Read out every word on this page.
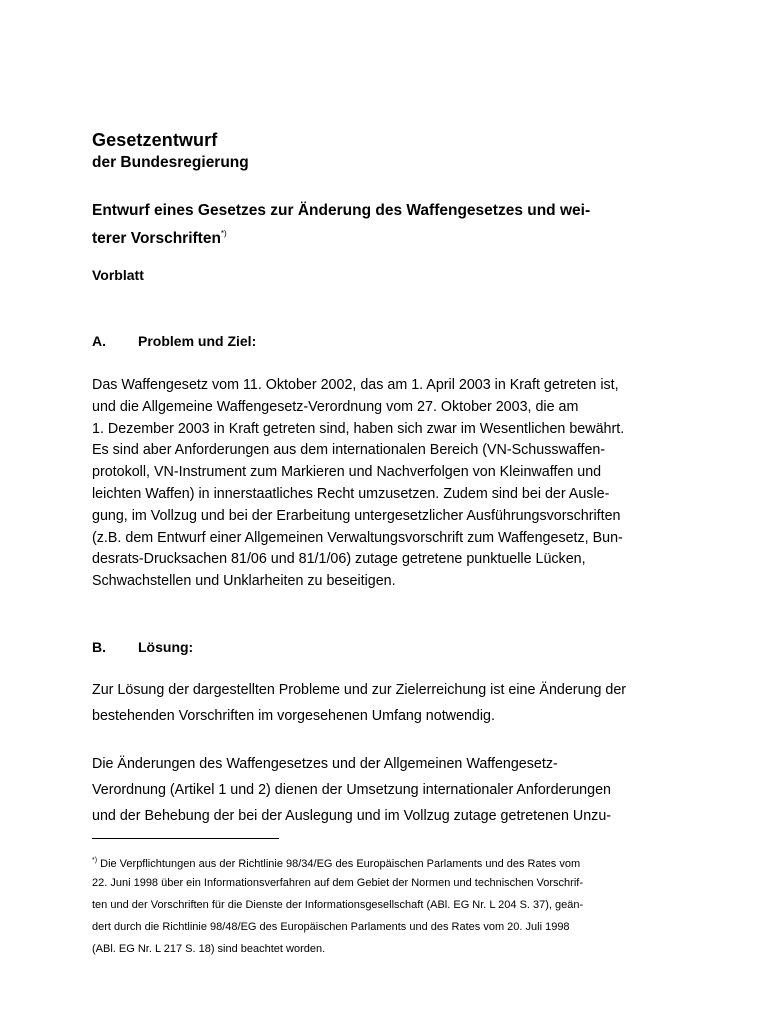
Gesetzentwurf
der Bundesregierung
Entwurf eines Gesetzes zur Änderung des Waffengesetzes und wei-
terer Vorschriften*)
Vorblatt
A. Problem und Ziel:
Das Waffengesetz vom 11. Oktober 2002, das am 1. April 2003 in Kraft getreten ist,
und die Allgemeine Waffengesetz-Verordnung vom 27. Oktober 2003, die am
1. Dezember 2003 in Kraft getreten sind, haben sich zwar im Wesentlichen bewährt.
Es sind aber Anforderungen aus dem internationalen Bereich (VN-Schusswaffen-
protokoll, VN-Instrument zum Markieren und Nachverfolgen von Kleinwaffen und
leichten Waffen) in innerstaatliches Recht umzusetzen. Zudem sind bei der Ausle-
gung, im Vollzug und bei der Erarbeitung untergesetzlicher Ausführungsvorschriften
(z.B. dem Entwurf einer Allgemeinen Verwaltungsvorschrift zum Waffengesetz, Bun-
desrats-Drucksachen 81/06 und 81/1/06) zutage getretene punktuelle Lücken,
Schwachstellen und Unklarheiten zu beseitigen.
B. Lösung:
Zur Lösung der dargestellten Probleme und zur Zielerreichung ist eine Änderung der
bestehenden Vorschriften im vorgesehenen Umfang notwendig.
Die Änderungen des Waffengesetzes und der Allgemeinen Waffengesetz-
Verordnung (Artikel 1 und 2) dienen der Umsetzung internationaler Anforderungen
und der Behebung der bei der Auslegung und im Vollzug zutage getretenen Unzu-
*) Die Verpflichtungen aus der Richtlinie 98/34/EG des Europäischen Parlaments und des Rates vom
22. Juni 1998 über ein Informationsverfahren auf dem Gebiet der Normen und technischen Vorschrif-
ten und der Vorschriften für die Dienste der Informationsgesellschaft (ABl. EG Nr. L 204 S. 37), geän-
dert durch die Richtlinie 98/48/EG des Europäischen Parlaments und des Rates vom 20. Juli 1998
(ABl. EG Nr. L 217 S. 18) sind beachtet worden.
